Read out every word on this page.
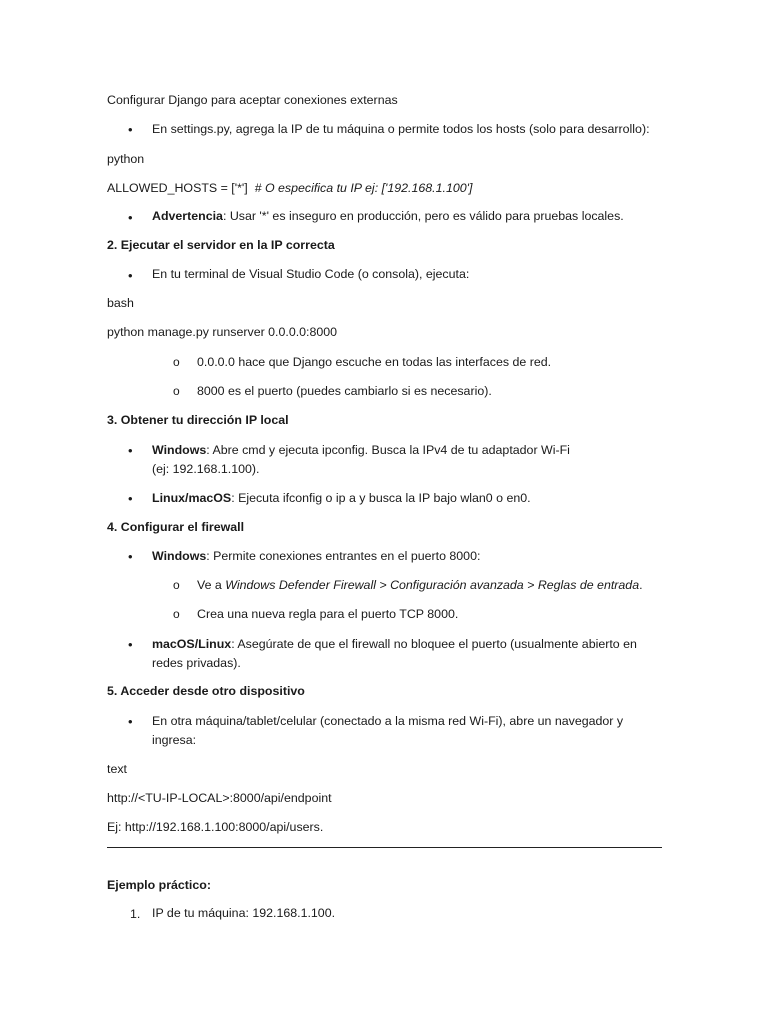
Configurar Django para aceptar conexiones externas
• En settings.py, agrega la IP de tu máquina o permite todos los hosts (solo para desarrollo):
python
ALLOWED_HOSTS = ['*'] # O especifica tu IP ej: ['192.168.1.100']
• Advertencia: Usar '*' es inseguro en producción, pero es válido para pruebas locales.
2. Ejecutar el servidor en la IP correcta
• En tu terminal de Visual Studio Code (o consola), ejecuta:
bash
python manage.py runserver 0.0.0.0:8000
o 0.0.0.0 hace que Django escuche en todas las interfaces de red.
o 8000 es el puerto (puedes cambiarlo si es necesario).
3. Obtener tu dirección IP local
• Windows: Abre cmd y ejecuta ipconfig. Busca la IPv4 de tu adaptador Wi-Fi
(ej: 192.168.1.100).
• Linux/macOS: Ejecuta ifconfig o ip a y busca la IP bajo wlan0 o en0.
4. Configurar el firewall
• Windows: Permite conexiones entrantes en el puerto 8000:
o Ve a Windows Defender Firewall > Configuración avanzada > Reglas de entrada.
o Crea una nueva regla para el puerto TCP 8000.
• macOS/Linux: Asegúrate de que el firewall no bloquee el puerto (usualmente abierto en
redes privadas).
5. Acceder desde otro dispositivo
• En otra máquina/tablet/celular (conectado a la misma red Wi-Fi), abre un navegador y
ingresa:
text
http://<TU-IP-LOCAL>:8000/api/endpoint
Ej: http://192.168.1.100:8000/api/users.
Ejemplo práctico:
1. IP de tu máquina: 192.168.1.100.
